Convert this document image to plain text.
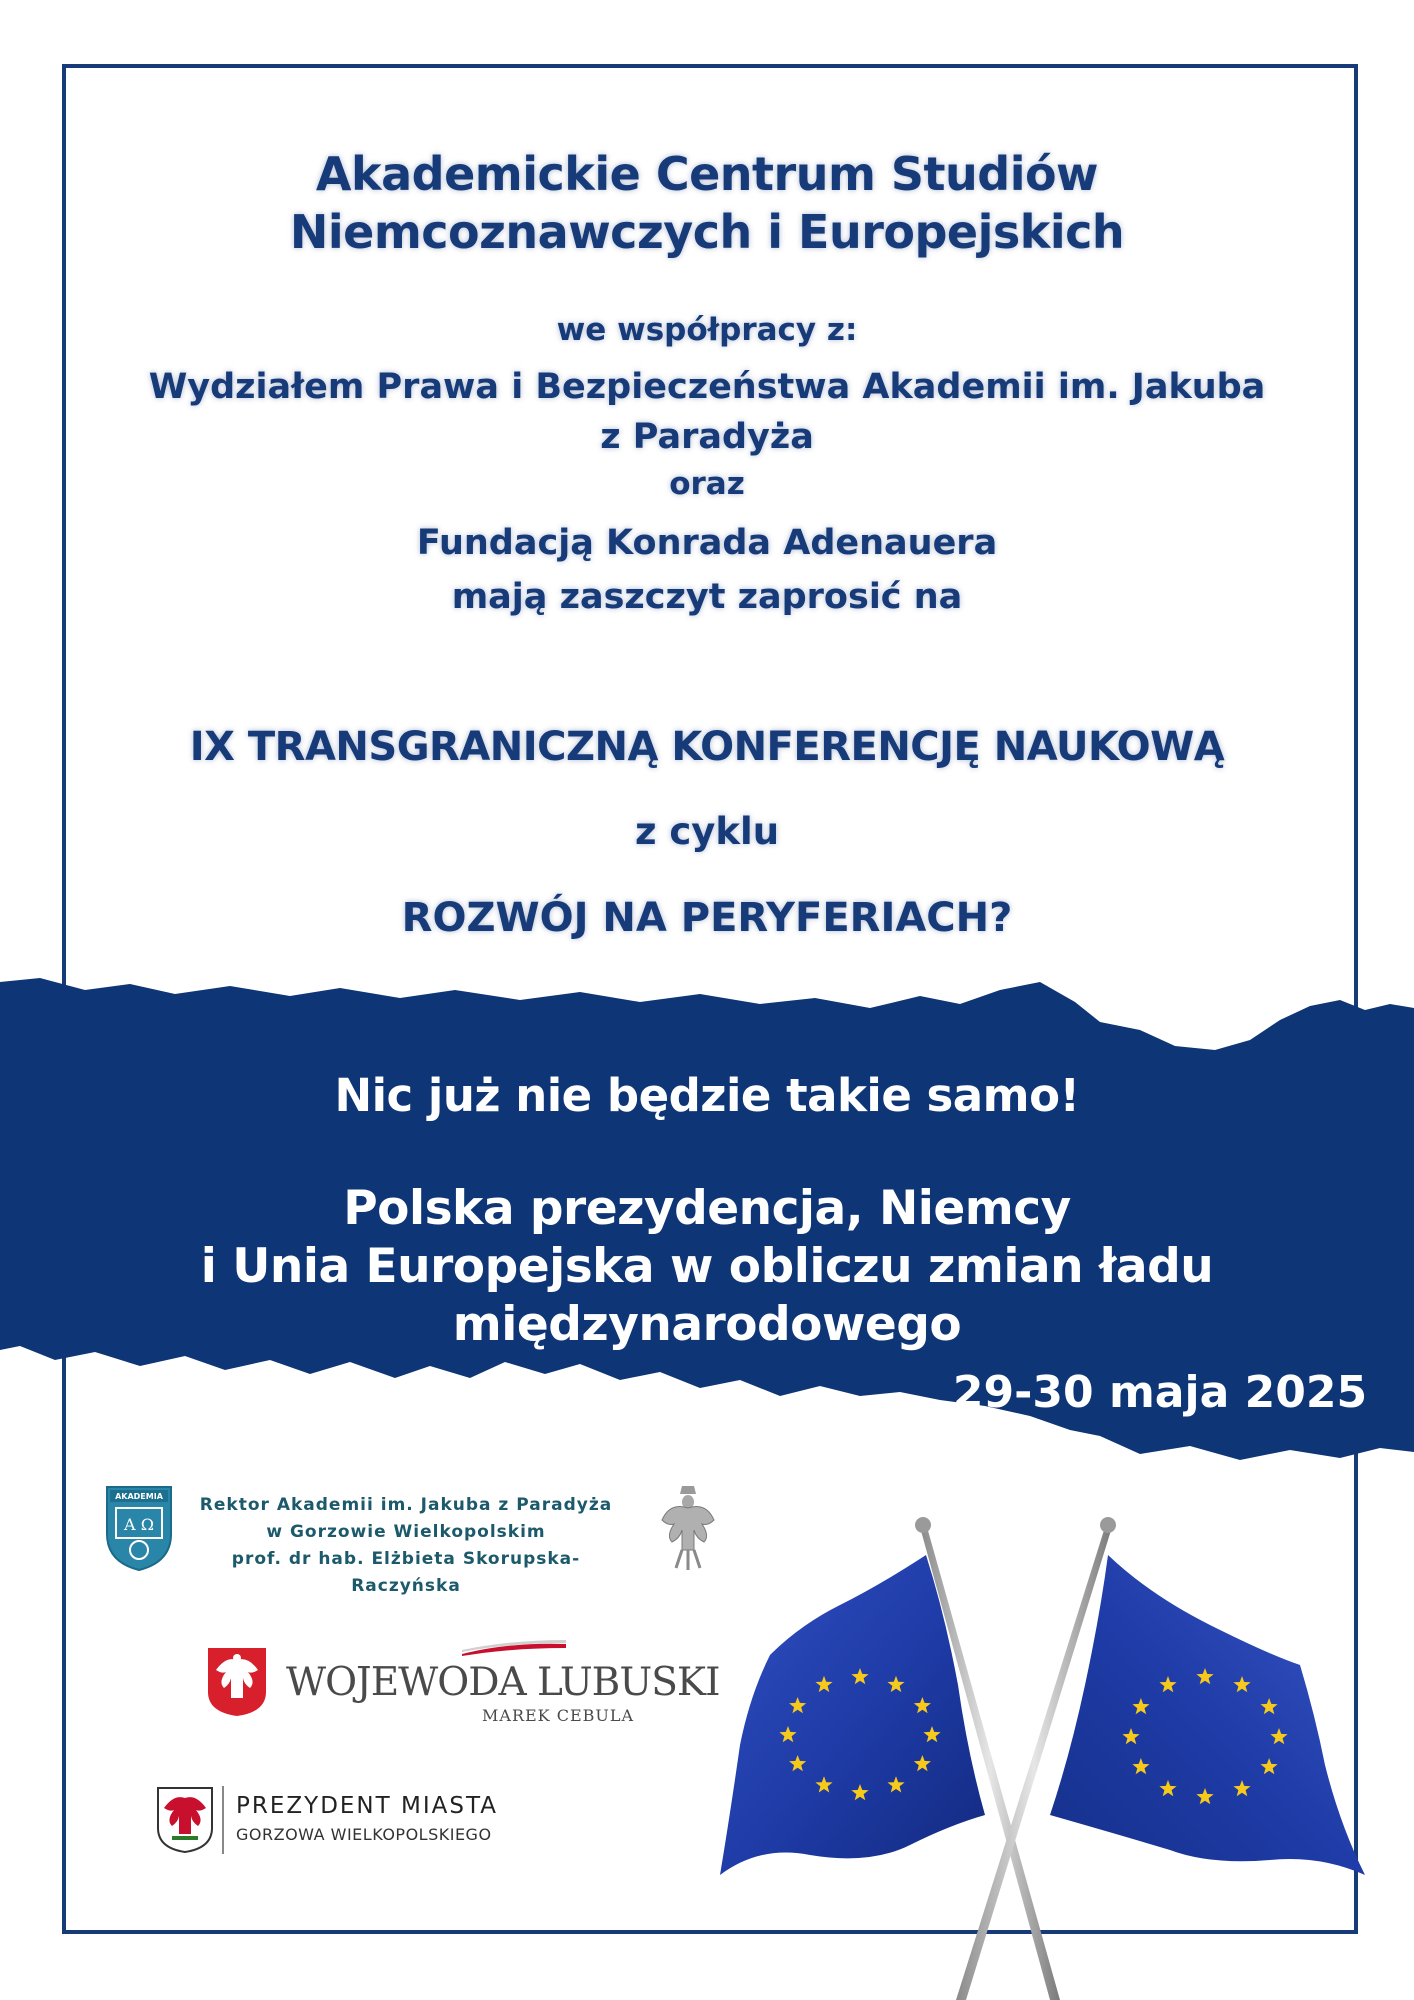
Akademickie Centrum Studiów
Niemcoznawczych i Europejskich
we współpracy z:
Wydziałem Prawa i Bezpieczeństwa Akademii im. Jakuba
z Paradyża
oraz
Fundacją Konrada Adenauera
mają zaszczyt zaprosić na
IX TRANSGRANICZNĄ KONFERENCJĘ NAUKOWĄ
z cyklu
ROZWÓJ NA PERYFERIACH?
Nic już nie będzie takie samo!
Polska prezydencja, Niemcy
i Unia Europejska w obliczu zmian ładu
międzynarodowego
29-30 maja 2025
AKADEMIA
A Ω
Rektor Akademii im. Jakuba z Paradyża
w Gorzowie Wielkopolskim
prof. dr hab. Elżbieta Skorupska-Raczyńska
WOJEWODA LUBUSKI
MAREK CEBULA
PREZYDENT MIASTA
GORZOWA WIELKOPOLSKIEGO
